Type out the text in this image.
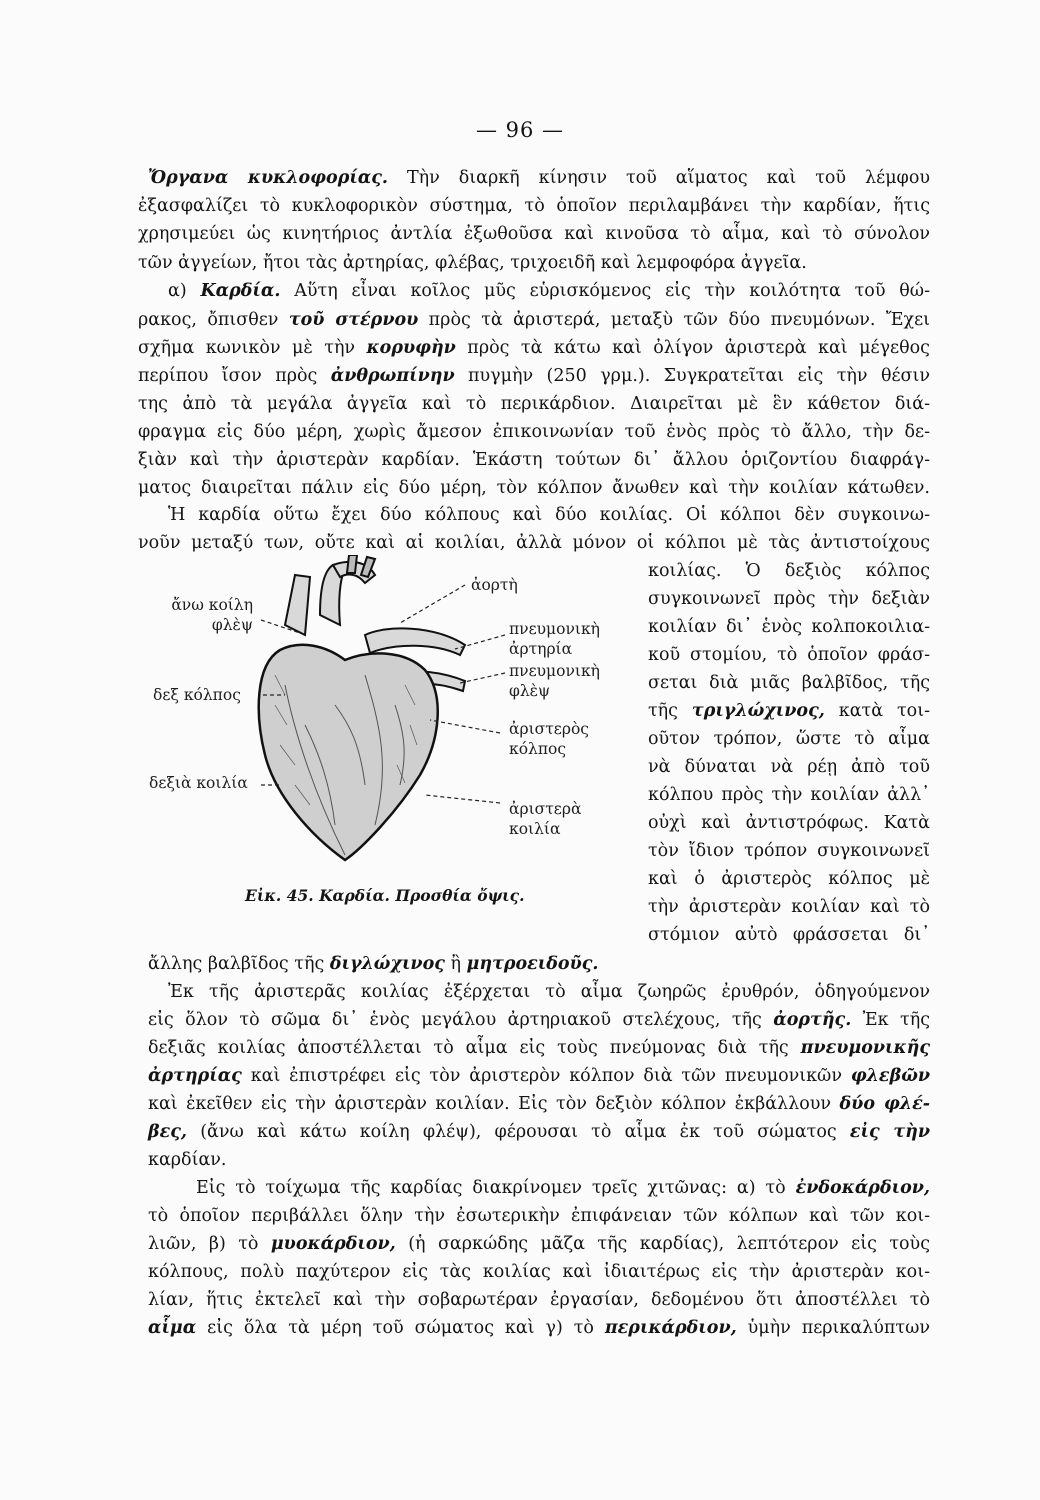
— 96 —
Ὄργανα κυκλοφορίας. Τὴν διαρκῆ κίνησιν τοῦ αἵματος καὶ τοῦ λέμφου
ἐξασφαλίζει τὸ κυκλοφορικὸν σύστημα, τὸ ὁποῖον περιλαμβάνει τὴν καρδίαν, ἥτις
χρησιμεύει ὡς κινητήριος ἀντλία ἐξωθοῦσα καὶ κινοῦσα τὸ αἷμα, καὶ τὸ σύνολον
τῶν ἀγγείων, ἤτοι τὰς ἀρτηρίας, φλέβας, τριχοειδῆ καὶ λεμφοφόρα ἀγγεῖα.
α) Καρδία. Αὕτη εἶναι κοῖλος μῦς εὑρισκόμενος εἰς τὴν κοιλότητα τοῦ θώ-
ρακος, ὄπισθεν τοῦ στέρνου πρὸς τὰ ἀριστερά, μεταξὺ τῶν δύο πνευμόνων. Ἔχει
σχῆμα κωνικὸν μὲ τὴν κορυφὴν πρὸς τὰ κάτω καὶ ὀλίγον ἀριστερὰ καὶ μέγεθος
περίπου ἴσον πρὸς ἀνθρωπίνην πυγμὴν (250 γρμ.). Συγκρατεῖται εἰς τὴν θέσιν
της ἀπὸ τὰ μεγάλα ἀγγεῖα καὶ τὸ περικάρδιον. Διαιρεῖται μὲ ἓν κάθετον διά-
φραγμα εἰς δύο μέρη, χωρὶς ἄμεσον ἐπικοινωνίαν τοῦ ἑνὸς πρὸς τὸ ἄλλο, τὴν δε-
ξιὰν καὶ τὴν ἀριστερὰν καρδίαν. Ἑκάστη τούτων δι᾿ ἄλλου ὁριζοντίου διαφράγ-
ματος διαιρεῖται πάλιν εἰς δύο μέρη, τὸν κόλπον ἄνωθεν καὶ τὴν κοιλίαν κάτωθεν.
Ἡ καρδία οὕτω ἔχει δύο κόλπους καὶ δύο κοιλίας. Οἱ κόλποι δὲν συγκοινω-
νοῦν μεταξύ των, οὔτε καὶ αἱ κοιλίαι, ἀλλὰ μόνον οἱ κόλποι μὲ τὰς ἀντιστοίχους
κοιλίας. Ὁ δεξιὸς κόλπος
συγκοινωνεῖ πρὸς τὴν δεξιὰν
κοιλίαν δι᾿ ἑνὸς κολποκοιλια-
κοῦ στομίου, τὸ ὁποῖον φράσ-
σεται διὰ μιᾶς βαλβῖδος, τῆς
τῆς τριγλώχινος, κατὰ τοι-
οῦτον τρόπον, ὥστε τὸ αἷμα
νὰ δύναται νὰ ρέῃ ἀπὸ τοῦ
κόλπου πρὸς τὴν κοιλίαν ἀλλ᾿
οὐχὶ καὶ ἀντιστρόφως. Κατὰ
τὸν ἴδιον τρόπον συγκοινωνεῖ
καὶ ὁ ἀριστερὸς κόλπος μὲ
τὴν ἀριστερὰν κοιλίαν καὶ τὸ
στόμιον αὐτὸ φράσσεται δι᾿
ἄνω κοίλη
φλὲψ
δεξ κόλπος
δεξιὰ κοιλία
ἀορτὴ
πνευμονικὴ
ἀρτηρία
πνευμονικὴ
φλὲψ
ἀριστερὸς
κόλπος
ἀριστερὰ
κοιλία
Εἰκ. 45. Καρδία. Προσθία ὄψις.
ἄλλης βαλβῖδος τῆς διγλώχινος ἢ μητροειδοῦς.
Ἐκ τῆς ἀριστερᾶς κοιλίας ἐξέρχεται τὸ αἷμα ζωηρῶς ἐρυθρόν, ὁδηγούμενον
εἰς ὅλον τὸ σῶμα δι᾿ ἑνὸς μεγάλου ἀρτηριακοῦ στελέχους, τῆς ἀορτῆς. Ἐκ τῆς
δεξιᾶς κοιλίας ἀποστέλλεται τὸ αἷμα εἰς τοὺς πνεύμονας διὰ τῆς πνευμονικῆς
ἀρτηρίας καὶ ἐπιστρέφει εἰς τὸν ἀριστερὸν κόλπον διὰ τῶν πνευμονικῶν φλεβῶν
καὶ ἐκεῖθεν εἰς τὴν ἀριστερὰν κοιλίαν. Εἰς τὸν δεξιὸν κόλπον ἐκβάλλουν δύο φλέ-
βες, (ἄνω καὶ κάτω κοίλη φλέψ), φέρουσαι τὸ αἷμα ἐκ τοῦ σώματος εἰς τὴν
καρδίαν.
Εἰς τὸ τοίχωμα τῆς καρδίας διακρίνομεν τρεῖς χιτῶνας: α) τὸ ἐνδοκάρδιον,
τὸ ὁποῖον περιβάλλει ὅλην τὴν ἐσωτερικὴν ἐπιφάνειαν τῶν κόλπων καὶ τῶν κοι-
λιῶν, β) τὸ μυοκάρδιον, (ἡ σαρκώδης μᾶζα τῆς καρδίας), λεπτότερον εἰς τοὺς
κόλπους, πολὺ παχύτερον εἰς τὰς κοιλίας καὶ ἰδιαιτέρως εἰς τὴν ἀριστερὰν κοι-
λίαν, ἥτις ἐκτελεῖ καὶ τὴν σοβαρωτέραν ἐργασίαν, δεδομένου ὅτι ἀποστέλλει τὸ
αἷμα εἰς ὅλα τὰ μέρη τοῦ σώματος καὶ γ) τὸ περικάρδιον, ὑμὴν περικαλύπτων
